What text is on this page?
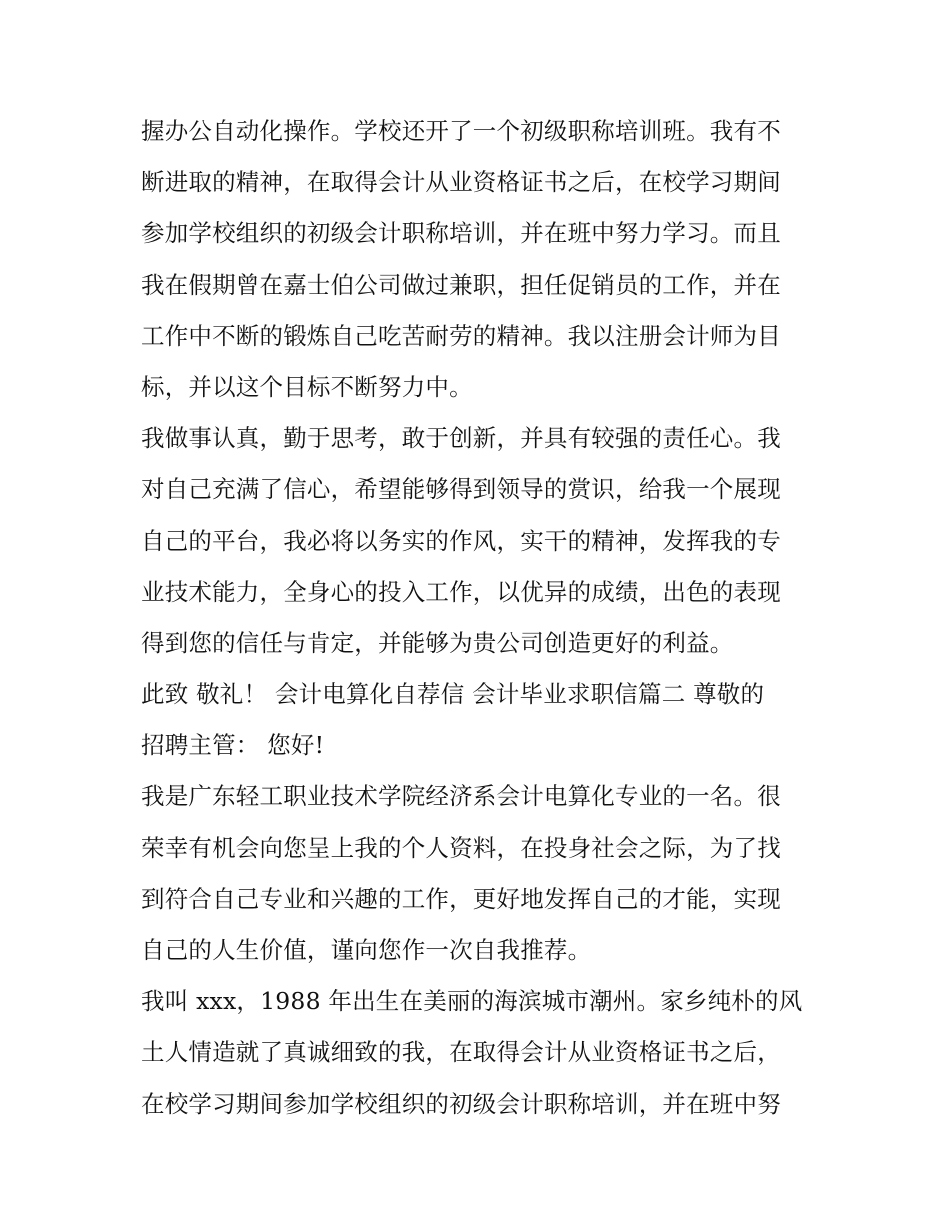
握办公自动化操作。学校还开了一个初级职称培训班。我有不
断进取的精神，在取得会计从业资格证书之后，在校学习期间
参加学校组织的初级会计职称培训，并在班中努力学习。而且
我在假期曾在嘉士伯公司做过兼职，担任促销员的工作，并在
工作中不断的锻炼自己吃苦耐劳的精神。我以注册会计师为目
标，并以这个目标不断努力中。
我做事认真，勤于思考，敢于创新，并具有较强的责任心。我
对自己充满了信心，希望能够得到领导的赏识，给我一个展现
自己的平台，我必将以务实的作风，实干的精神，发挥我的专
业技术能力，全身心的投入工作，以优异的成绩，出色的表现
得到您的信任与肯定，并能够为贵公司创造更好的利益。
此致 敬礼！ 会计电算化自荐信 会计毕业求职信篇二 尊敬的
招聘主管： 您好!
我是广东轻工职业技术学院经济系会计电算化专业的一名。很
荣幸有机会向您呈上我的个人资料，在投身社会之际，为了找
到符合自己专业和兴趣的工作，更好地发挥自己的才能，实现
自己的人生价值，谨向您作一次自我推荐。
我叫 xxx，1988 年出生在美丽的海滨城市潮州。家乡纯朴的风
土人情造就了真诚细致的我，在取得会计从业资格证书之后，
在校学习期间参加学校组织的初级会计职称培训，并在班中努
